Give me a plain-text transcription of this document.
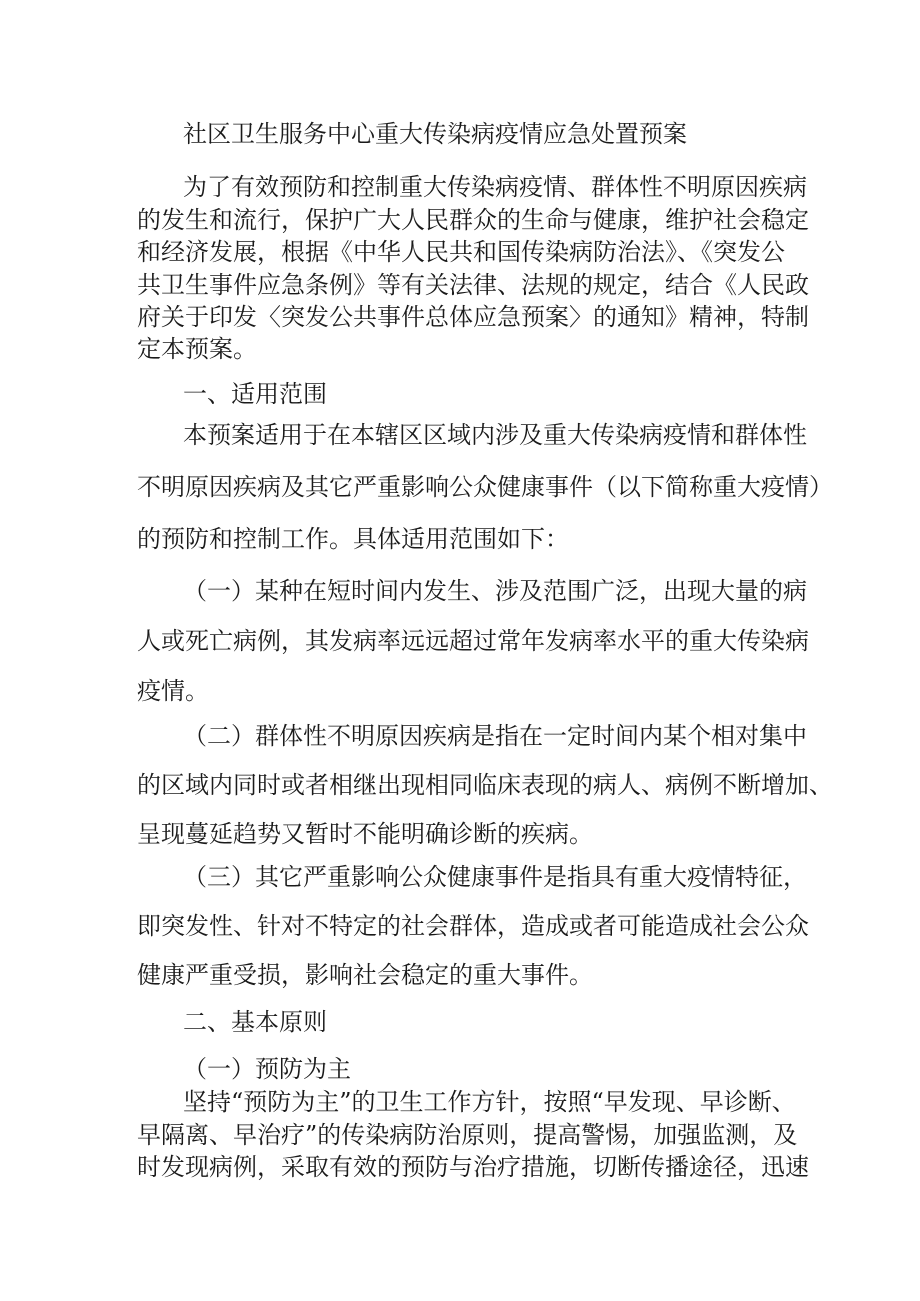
社区卫生服务中心重大传染病疫情应急处置预案
为了有效预防和控制重大传染病疫情、群体性不明原因疾病
的发生和流行，保护广大人民群众的生命与健康，维护社会稳定
和经济发展，根据《中华人民共和国传染病防治法》、《突发公
共卫生事件应急条例》等有关法律、法规的规定，结合《人民政
府关于印发〈突发公共事件总体应急预案〉的通知》精神，特制
定本预案。
一、适用范围
本预案适用于在本辖区区域内涉及重大传染病疫情和群体性
不明原因疾病及其它严重影响公众健康事件（以下简称重大疫情）
的预防和控制工作。具体适用范围如下：
（一）某种在短时间内发生、涉及范围广泛，出现大量的病
人或死亡病例，其发病率远远超过常年发病率水平的重大传染病
疫情。
（二）群体性不明原因疾病是指在一定时间内某个相对集中
的区域内同时或者相继出现相同临床表现的病人、病例不断增加、
呈现蔓延趋势又暂时不能明确诊断的疾病。
（三）其它严重影响公众健康事件是指具有重大疫情特征，
即突发性、针对不特定的社会群体，造成或者可能造成社会公众
健康严重受损，影响社会稳定的重大事件。
二、基本原则
（一）预防为主
坚持“预防为主”的卫生工作方针，按照“早发现、早诊断、
早隔离、早治疗”的传染病防治原则，提高警惕，加强监测，及
时发现病例，采取有效的预防与治疗措施，切断传播途径，迅速
